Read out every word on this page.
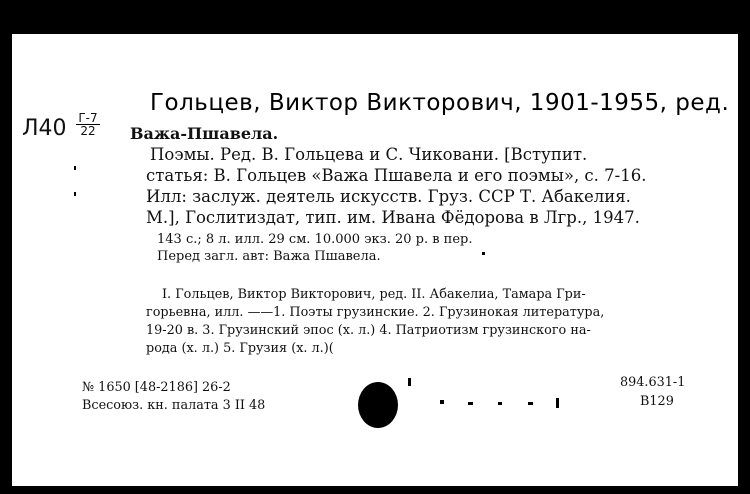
Гольцев, Виктор Викторович, 1901-1955, ред.
Л40 Г-7
22 Важа-Пшавела.
Поэмы. Ред. В. Гольцева и С. Чиковани. [Вступит.
статья: В. Гольцев «Важа Пшавела и его поэмы», с. 7-16.
Илл: заслуж. деятель искусств. Груз. ССР Т. Абакелия.
М.], Гослитиздат, тип. им. Ивана Фёдорова в Лгр., 1947.
143 с.; 8 л. илл. 29 см. 10.000 экз. 20 р. в пер.
Перед загл. авт: Важа Пшавела.
I. Гольцев, Виктор Викторович, ред. II. Абакелиа, Тамара Гри-
горьевна, илл. ——1. Поэты грузинские. 2. Грузинокая литература,
19-20 в. 3. Грузинский эпос (х. л.) 4. Патриотизм грузинского на-
рода (х. л.) 5. Грузия (х. л.)(
№ 1650 [48-2186] 26-2
Всесоюз. кн. палата 3 II 48
894.631-1
В129
